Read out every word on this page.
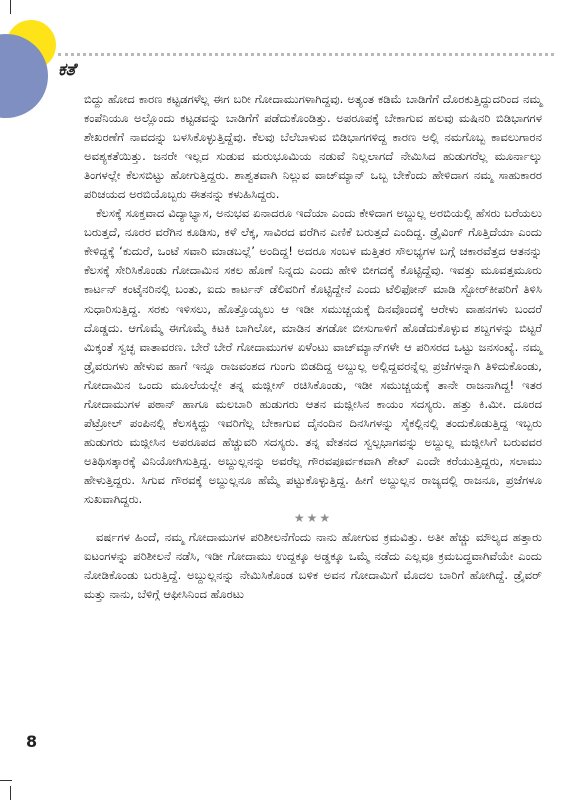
ಕತೆ

ಬಿದ್ದು ಹೋದ ಕಾರಣ ಕಟ್ಟಡಗಳೆಲ್ಲ ಈಗ ಬರೀ ಗೋದಾಮುಗಳಾಗಿದ್ದವು. ಅತ್ಯಂತ ಕಡಿಮೆ ಬಾಡಿಗೆಗೆ ದೊರಕುತ್ತಿದ್ದುದರಿಂದ ನಮ್ಮ ಕಂಪೆನಿಯೂ ಅಲ್ಲೊಂದು ಕಟ್ಟಡವನ್ನು ಬಾಡಿಗೆಗೆ ಪಡೆದುಕೊಂಡಿತ್ತು. ಅಪರೂಪಕ್ಕೆ ಬೇಕಾಗುವ ಹಲವು ಮಷಿನರಿ ಬಿಡಿಭಾಗಗಳ ಶೇಖರಣೆಗೆ ನಾವದನ್ನು ಬಳಸಿಕೊಳ್ಳುತ್ತಿದ್ದೆವು. ಕೆಲವು ಬೆಲೆಬಾಳುವ ಬಿಡಿಭಾಗಗಳಿದ್ದ ಕಾರಣ ಅಲ್ಲಿ ನಮಗೊಬ್ಬ ಕಾವಲುಗಾರನ ಅವಶ್ಯಕತೆಯಿತ್ತು. ಜನರೇ ಇಲ್ಲದ ಸುಡುವ ಮರುಭೂಮಿಯ ನಡುವೆ ನಿಲ್ಲಲಾಗದೆ ನೇಮಿಸಿದ ಹುಡುಗರೆಲ್ಲ ಮೂರ್ನಾಲ್ಕು ತಿಂಗಳಲ್ಲೇ ಕೆಲಸಬಿಟ್ಟು ಹೋಗುತ್ತಿದ್ದರು. ಶಾಶ್ವತವಾಗಿ ನಿಲ್ಲುವ ವಾಚ್‌ಮ್ಯಾನ್ ಒಬ್ಬ ಬೇಕೆಂದು ಹೇಳಿದಾಗ ನಮ್ಮ ಸಾಹುಕಾರರ ಪರಿಚಯದ ಅರಬಿಯೊಬ್ಬರು ಈತನನ್ನು ಕಳುಹಿಸಿದ್ದರು.

ಕೆಲಸಕ್ಕೆ ಸೂಕ್ತವಾದ ವಿದ್ಯಾಭ್ಯಾಸ, ಅನುಭವ ಏನಾದರೂ ಇದೆಯಾ ಎಂದು ಕೇಳಿದಾಗ ಅಬ್ದುಲ್ಲ ಅರಬಿಯಲ್ಲಿ ಹೆಸರು ಬರೆಯಲು ಬರುತ್ತದೆ, ನೂರರ ವರೆಗಿನ ಕೂಡಿಸು, ಕಳೆ ಲೆಕ್ಕ, ಸಾವಿರದ ವರೆಗಿನ ಎಣಿಕೆ ಬರುತ್ತದೆ ಎಂದಿದ್ದ. ಡ್ರೈವಿಂಗ್ ಗೊತ್ತಿದೆಯಾ ಎಂದು ಕೇಳಿದ್ದಕ್ಕೆ ‘ಕುದುರೆ, ಒಂಟೆ ಸವಾರಿ ಮಾಡಬಲ್ಲೆ’ ಅಂದಿದ್ದ! ಅದರೂ ಸಂಬಳ ಮತ್ತಿತರ ಸೌಲಭ್ಯಗಳ ಬಗ್ಗೆ ಚಕಾರವೆತ್ತದ ಆತನನ್ನು ಕೆಲಸಕ್ಕೆ ಸೇರಿಸಿಕೊಂಡು ಗೋದಾಮಿನ ಸಕಲ ಹೊಣೆ ನಿನ್ನದು ಎಂದು ಹೇಳಿ ಬೀಗದಕೈ ಕೊಟ್ಟಿದ್ದೆವು. ಇವತ್ತು ಮೂವತ್ತಮೂರು ಕಾರ್ಟನ್ ಕಂಟೈನರಿನಲ್ಲಿ ಬಂತು, ಐದು ಕಾರ್ಟನ್ ಡೆಲಿವರಿಗೆ ಕೊಟ್ಟಿದ್ದೇನೆ ಎಂದು ಟೆಲಿಫೋನ್ ಮಾಡಿ ಸ್ಟೋರ್‌ಕೀಪರಿಗೆ ತಿಳಿಸಿ ಸುಧಾರಿಸುತ್ತಿದ್ದ. ಸರಕು ಇಳಿಸಲು, ಹೊತ್ತೊಯ್ಯಲು ಆ ಇಡೀ ಸಮುಚ್ಚಯಕ್ಕೆ ದಿನವೊಂದಕ್ಕೆ ಆರೇಳು ವಾಹನಗಳು ಬಂದರೆ ದೊಡ್ಡದು. ಆಗೊಮ್ಮೆ ಈಗೊಮ್ಮೆ ಕಿಟಕಿ ಬಾಗಿಲೋ, ಮಾಡಿನ ತಗಡೋ ಬೀಸುಗಾಳಿಗೆ ಹೊಡೆದುಕೊಳ್ಳುವ ಶಬ್ದಗಳನ್ನು ಬಿಟ್ಟರೆ ಮಿಕ್ಕಂತೆ ಸ್ವಚ್ಛ ವಾತಾವರಣ. ಬೇರೆ ಬೇರೆ ಗೋದಾಮುಗಳ ಏಳೆಂಟು ವಾಚ್‌ಮ್ಯಾನ್‌ಗಳೇ ಆ ಪರಿಸರದ ಒಟ್ಟು ಜನಸಂಖ್ಯೆ. ನಮ್ಮ ಡ್ರೈವರುಗಳು ಹೇಳುವ ಹಾಗೆ ಇನ್ನೂ ರಾಜವಂಶದ ಗುಂಗು ಬಿಡದಿದ್ದ ಅಬ್ದುಲ್ಲ ಅಲ್ಲಿದ್ದವರನ್ನೆಲ್ಲ ಪ್ರಜೆಗಳನ್ನಾಗಿ ತಿಳಿದುಕೊಂಡು, ಗೋದಾಮಿನ ಒಂದು ಮೂಲೆಯಲ್ಲೇ ತನ್ನ ಮಜ್ಲೀಸ್ ರಚಿಸಿಕೊಂಡು, ಇಡೀ ಸಮುಚ್ಚಯಕ್ಕೆ ತಾನೇ ರಾಜನಾಗಿದ್ದ! ಇತರ ಗೋದಾಮುಗಳ ಪಠಾನ್ ಹಾಗೂ ಮಲಬಾರಿ ಹುಡುಗರು ಆತನ ಮಜ್ಲೀಸಿನ ಕಾಯಂ ಸದಸ್ಯರು. ಹತ್ತು ಕಿ.ಮೀ. ದೂರದ ಪೆಟ್ರೋಲ್ ಪಂಪಿನಲ್ಲಿ ಕೆಲಸಕ್ಕಿದ್ದು ಇವರಿಗೆಲ್ಲ ಬೇಕಾಗುವ ದೈನಂದಿನ ದಿನಸಿಗಳನ್ನು ಸೈಕಲ್ಲಿನಲ್ಲಿ ತಂದುಕೊಡುತ್ತಿದ್ದ ಇಬ್ಬರು ಹುಡುಗರು ಮಜ್ಲೀಸಿನ ಅಪರೂಪದ ಹೆಚ್ಚುವರಿ ಸದಸ್ಯರು. ತನ್ನ ವೇತನದ ಸ್ವಲ್ಪಭಾಗವನ್ನು ಅಬ್ದುಲ್ಲ ಮಜ್ಲೀಸಿಗೆ ಬರುವವರ ಅತಿಥಿಸತ್ಕಾರಕ್ಕೆ ವಿನಿಯೋಗಿಸುತ್ತಿದ್ದ. ಅಬ್ದುಲ್ಲನನ್ನು ಅವರೆಲ್ಲ ಗೌರವಪೂರ್ವಕವಾಗಿ ಶೇಖ್ ಎಂದೇ ಕರೆಯುತ್ತಿದ್ದರು, ಸಲಾಮು ಹೇಳುತ್ತಿದ್ದರು. ಸಿಗುವ ಗೌರವಕ್ಕೆ ಅಬ್ದುಲ್ಲನೂ ಹೆಮ್ಮೆ ಪಟ್ಟುಕೊಳ್ಳುತ್ತಿದ್ದ. ಹೀಗೆ ಅಬ್ದುಲ್ಲನ ರಾಜ್ಯದಲ್ಲಿ ರಾಜನೂ, ಪ್ರಜೆಗಳೂ ಸುಖವಾಗಿದ್ದರು.

★★★

ವರ್ಷಗಳ ಹಿಂದೆ, ನಮ್ಮ ಗೋದಾಮುಗಳ ಪರಿಶೀಲನೆಗೆಂದು ನಾನು ಹೋಗುವ ಕ್ರಮವಿತ್ತು. ಅತೀ ಹೆಚ್ಚು ಮೌಲ್ಯದ ಹತ್ತಾರು ಐಟಂಗಳನ್ನು ಪರಿಶೀಲನೆ ನಡೆಸಿ, ಇಡೀ ಗೋದಾಮು ಉದ್ದಕ್ಕೂ ಅಡ್ಡಕ್ಕೂ ಒಮ್ಮೆ ನಡೆದು ಎಲ್ಲವೂ ಕ್ರಮಬದ್ಧವಾಗಿವೆಯೇ ಎಂದು ನೋಡಿಕೊಂಡು ಬರುತ್ತಿದ್ದೆ. ಅಬ್ದುಲ್ಲನನ್ನು ನೇಮಿಸಿಕೊಂಡ ಬಳಿಕ ಅವನ ಗೋದಾಮಿಗೆ ಮೊದಲ ಬಾರಿಗೆ ಹೋಗಿದ್ದೆ. ಡ್ರೈವರ್ ಮತ್ತು ನಾನು, ಬೆಳಿಗ್ಗೆ ಆಫೀಸಿನಿಂದ ಹೊರಟು

8
